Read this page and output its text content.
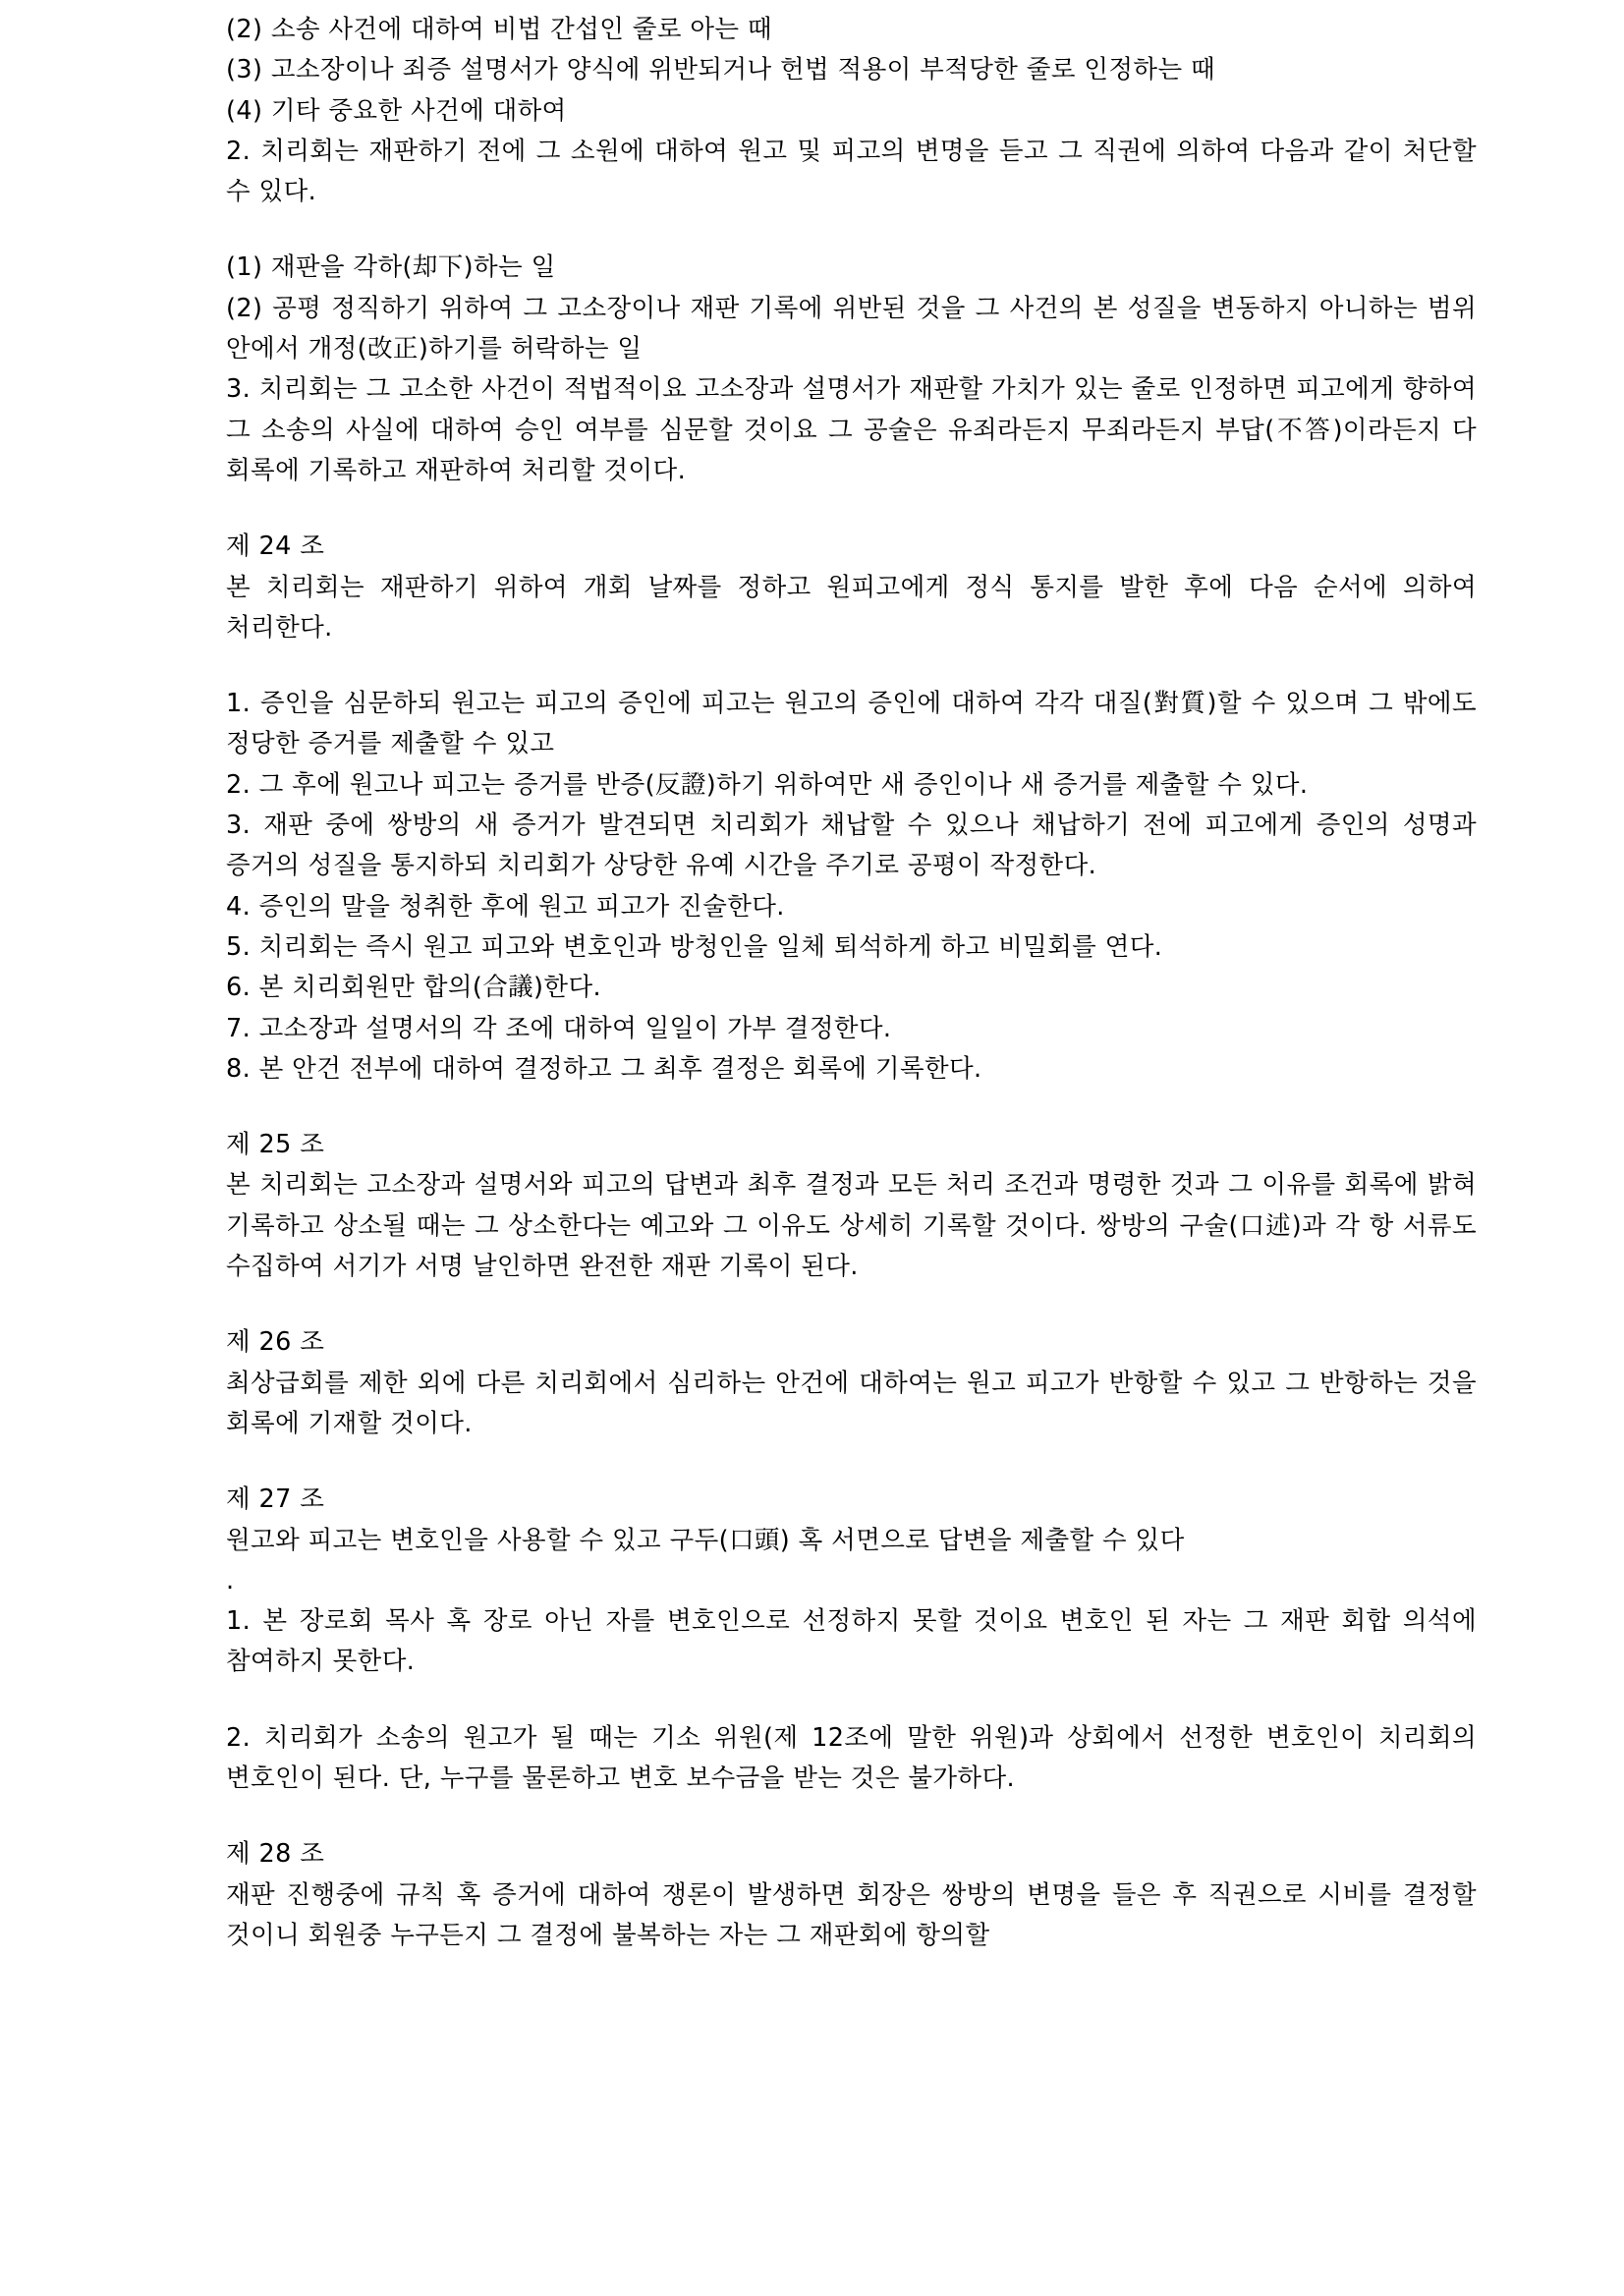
(2) 소송 사건에 대하여 비법 간섭인 줄로 아는 때

(3) 고소장이나 죄증 설명서가 양식에 위반되거나 헌법 적용이 부적당한 줄로 인정하는 때

(4) 기타 중요한 사건에 대하여

2. 치리회는 재판하기 전에 그 소원에 대하여 원고 및 피고의 변명을 듣고 그 직권에 의하여 다음과 같이 처단할 수 있다.

(1) 재판을 각하(却下)하는 일

(2) 공평 정직하기 위하여 그 고소장이나 재판 기록에 위반된 것을 그 사건의 본 성질을 변동하지 아니하는 범위 안에서 개정(改正)하기를 허락하는 일

3. 치리회는 그 고소한 사건이 적법적이요 고소장과 설명서가 재판할 가치가 있는 줄로 인정하면 피고에게 향하여 그 소송의 사실에 대하여 승인 여부를 심문할 것이요 그 공술은 유죄라든지 무죄라든지 부답(不答)이라든지 다 회록에 기록하고 재판하여 처리할 것이다.

제 24 조

본 치리회는 재판하기 위하여 개회 날짜를 정하고 원피고에게 정식 통지를 발한 후에 다음 순서에 의하여 처리한다.

1. 증인을 심문하되 원고는 피고의 증인에 피고는 원고의 증인에 대하여 각각 대질(對質)할 수 있으며 그 밖에도 정당한 증거를 제출할 수 있고

2. 그 후에 원고나 피고는 증거를 반증(反證)하기 위하여만 새 증인이나 새 증거를 제출할 수 있다.

3. 재판 중에 쌍방의 새 증거가 발견되면 치리회가 채납할 수 있으나 채납하기 전에 피고에게 증인의 성명과 증거의 성질을 통지하되 치리회가 상당한 유예 시간을 주기로 공평이 작정한다.

4. 증인의 말을 청취한 후에 원고 피고가 진술한다.

5. 치리회는 즉시 원고 피고와 변호인과 방청인을 일체 퇴석하게 하고 비밀회를 연다.

6. 본 치리회원만 합의(合議)한다.

7. 고소장과 설명서의 각 조에 대하여 일일이 가부 결정한다.

8. 본 안건 전부에 대하여 결정하고 그 최후 결정은 회록에 기록한다.

제 25 조

본 치리회는 고소장과 설명서와 피고의 답변과 최후 결정과 모든 처리 조건과 명령한 것과 그 이유를 회록에 밝혀 기록하고 상소될 때는 그 상소한다는 예고와 그 이유도 상세히 기록할 것이다. 쌍방의 구술(口述)과 각 항 서류도 수집하여 서기가 서명 날인하면 완전한 재판 기록이 된다.

제 26 조

최상급회를 제한 외에 다른 치리회에서 심리하는 안건에 대하여는 원고 피고가 반항할 수 있고 그 반항하는 것을 회록에 기재할 것이다.

제 27 조

원고와 피고는 변호인을 사용할 수 있고 구두(口頭) 혹 서면으로 답변을 제출할 수 있다

.

1. 본 장로회 목사 혹 장로 아닌 자를 변호인으로 선정하지 못할 것이요 변호인 된 자는 그 재판 회합 의석에 참여하지 못한다.

2. 치리회가 소송의 원고가 될 때는 기소 위원(제 12조에 말한 위원)과 상회에서 선정한 변호인이 치리회의 변호인이 된다. 단, 누구를 물론하고 변호 보수금을 받는 것은 불가하다.

제 28 조

재판 진행중에 규칙 혹 증거에 대하여 쟁론이 발생하면 회장은 쌍방의 변명을 들은 후 직권으로 시비를 결정할 것이니 회원중 누구든지 그 결정에 불복하는 자는 그 재판회에 항의할
